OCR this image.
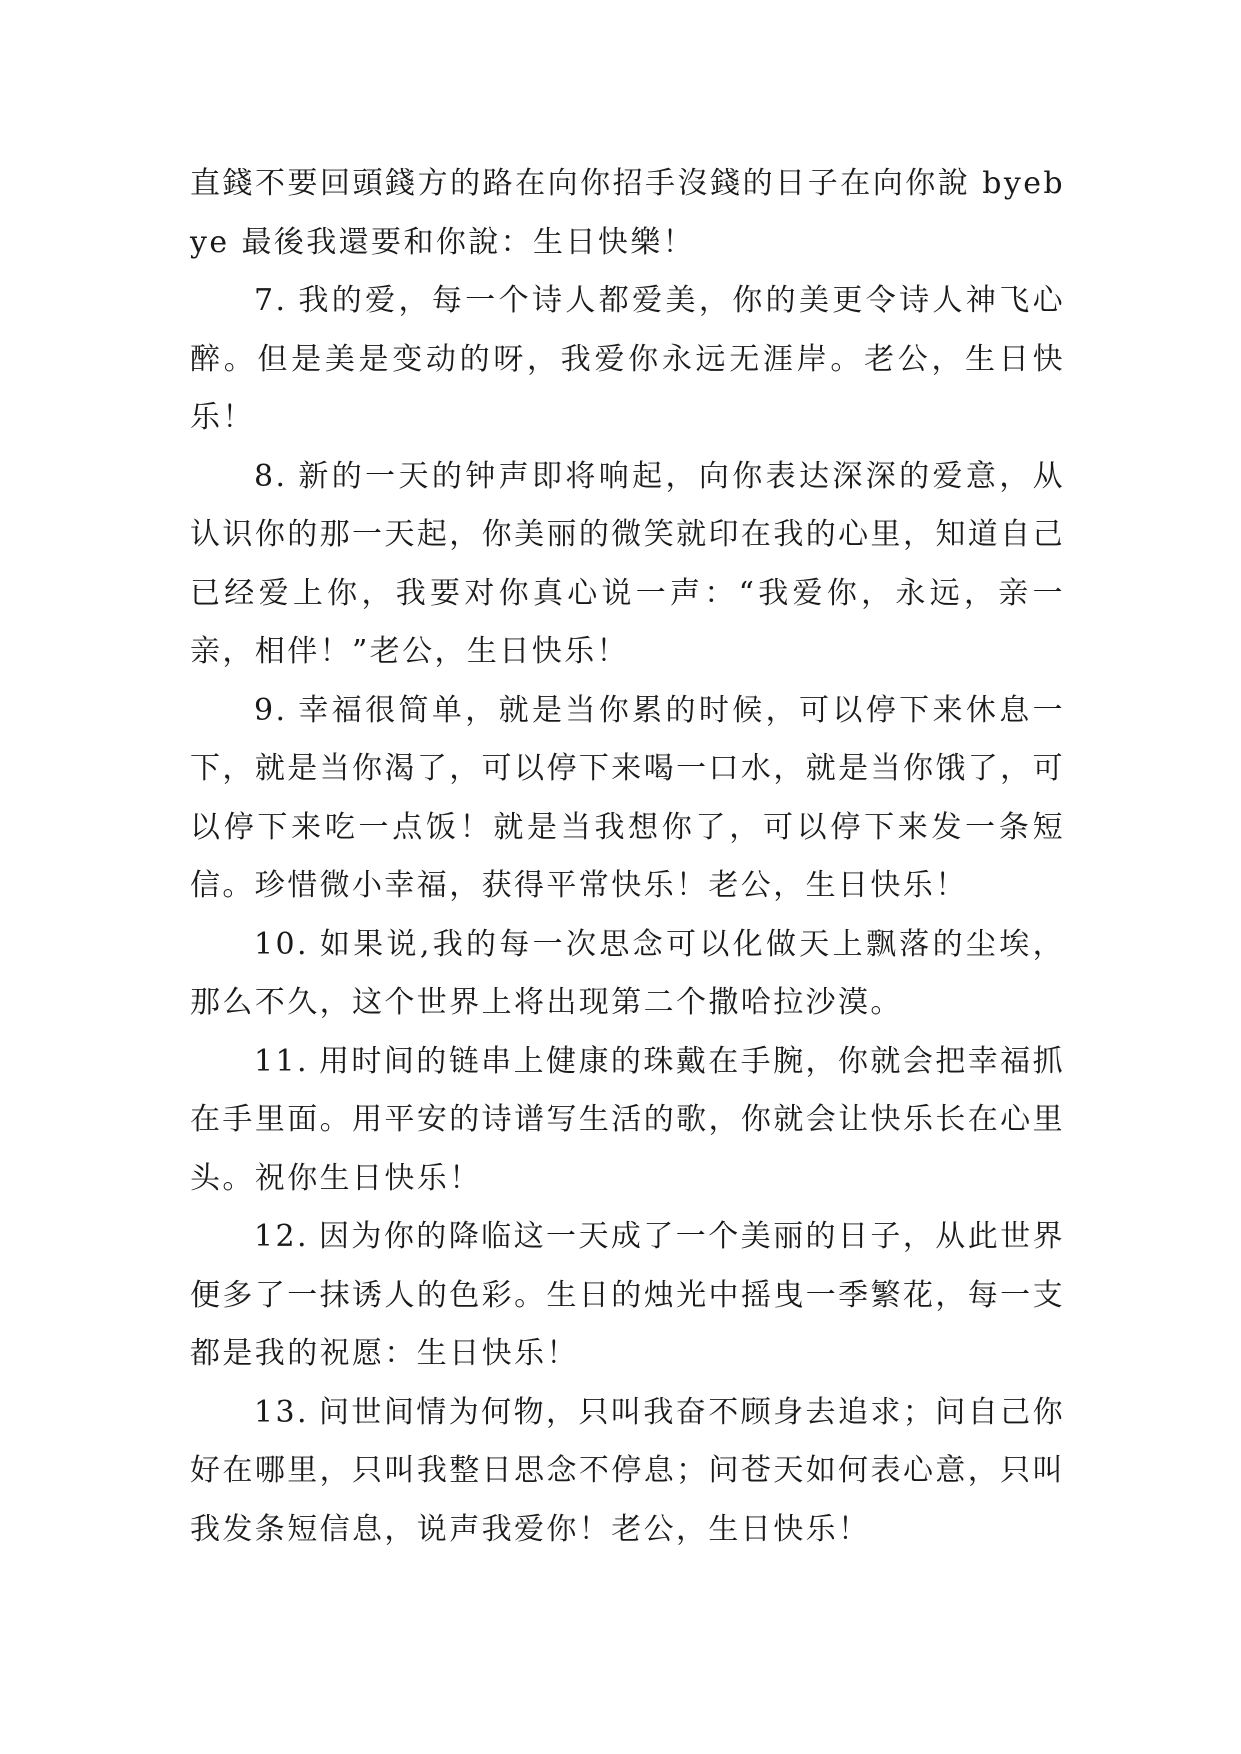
直錢不要回頭錢方的路在向你招手沒錢的日子在向你說 byebye 最後我還要和你說：生日快樂！

7. 我的爱，每一个诗人都爱美，你的美更令诗人神飞心醉。但是美是变动的呀，我爱你永远无涯岸。老公，生日快乐！

8. 新的一天的钟声即将响起，向你表达深深的爱意，从认识你的那一天起，你美丽的微笑就印在我的心里，知道自己已经爱上你，我要对你真心说一声：“我爱你，永远，亲一亲，相伴！”老公，生日快乐！

9. 幸福很简单，就是当你累的时候，可以停下来休息一下，就是当你渴了，可以停下来喝一口水，就是当你饿了，可以停下来吃一点饭！就是当我想你了，可以停下来发一条短信。珍惜微小幸福，获得平常快乐！老公，生日快乐！

10. 如果说,我的每一次思念可以化做天上飘落的尘埃，那么不久，这个世界上将出现第二个撒哈拉沙漠。

11. 用时间的链串上健康的珠戴在手腕，你就会把幸福抓在手里面。用平安的诗谱写生活的歌，你就会让快乐长在心里头。祝你生日快乐！

12. 因为你的降临这一天成了一个美丽的日子，从此世界便多了一抹诱人的色彩。生日的烛光中摇曳一季繁花，每一支都是我的祝愿：生日快乐！

13. 问世间情为何物，只叫我奋不顾身去追求；问自己你好在哪里，只叫我整日思念不停息；问苍天如何表心意，只叫我发条短信息，说声我爱你！老公，生日快乐！
